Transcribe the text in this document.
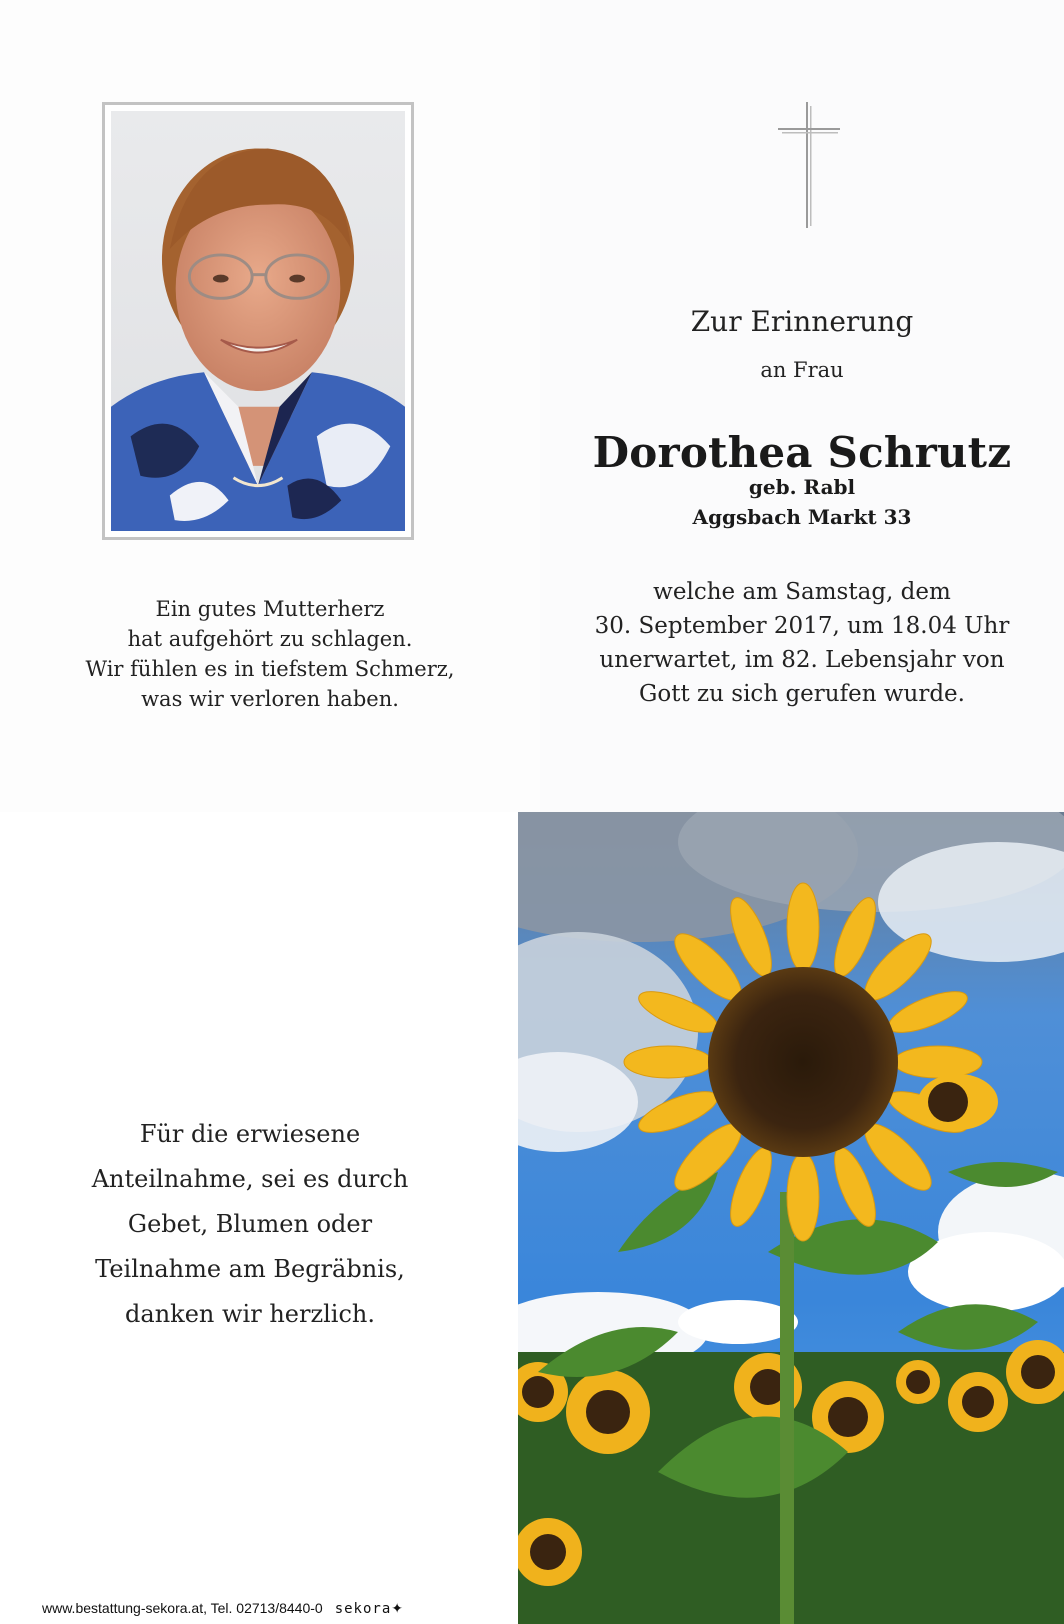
Ein gutes Mutterherz
hat aufgehört zu schlagen.
Wir fühlen es in tiefstem Schmerz,
was wir verloren haben.
Zur Erinnerung
an Frau
Dorothea Schrutz
geb. Rabl
Aggsbach Markt 33
welche am Samstag, dem
30. September 2017, um 18.04 Uhr
unerwartet, im 82. Lebensjahr von
Gott zu sich gerufen wurde.
Für die erwiesene
Anteilnahme, sei es durch
Gebet, Blumen oder
Teilnahme am Begräbnis,
danken wir herzlich.
www.bestattung-sekora.at, Tel. 02713/8440-0 sekora✦
